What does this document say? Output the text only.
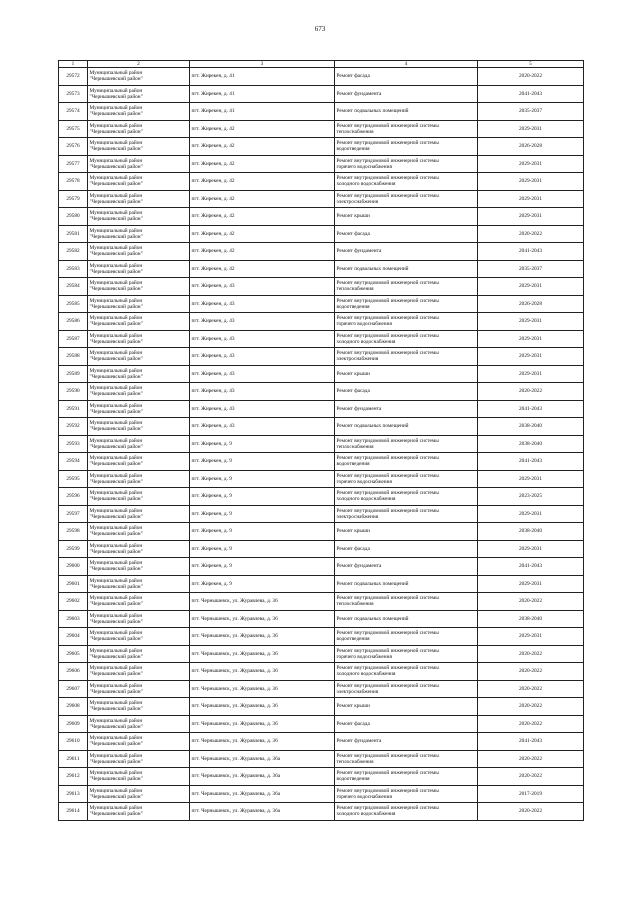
673
1	2	3	4	5
29572	Муниципальный район
"Чернышевский район"	пгт. Жирекен, д. 41	Ремонт фасада	2020-2022
29573	Муниципальный район
"Чернышевский район"	пгт. Жирекен, д. 41	Ремонт фундамента	2041-2043
29574	Муниципальный район
"Чернышевский район"	пгт. Жирекен, д. 41	Ремонт подвальных помещений	2035-2037
29575	Муниципальный район
"Чернышевский район"	пгт. Жирекен, д. 42	Ремонт внутридомовой инженерной системы
теплоснабжения	2029-2031
29576	Муниципальный район
"Чернышевский район"	пгт. Жирекен, д. 42	Ремонт внутридомовой инженерной системы
водоотведения	2026-2028
29577	Муниципальный район
"Чернышевский район"	пгт. Жирекен, д. 42	Ремонт внутридомовой инженерной системы
горячего водоснабжения	2029-2031
29578	Муниципальный район
"Чернышевский район"	пгт. Жирекен, д. 42	Ремонт внутридомовой инженерной системы
холодного водоснабжения	2029-2031
29579	Муниципальный район
"Чернышевский район"	пгт. Жирекен, д. 42	Ремонт внутридомовой инженерной системы
электроснабжения	2029-2031
29580	Муниципальный район
"Чернышевский район"	пгт. Жирекен, д. 42	Ремонт крыши	2029-2031
29581	Муниципальный район
"Чернышевский район"	пгт. Жирекен, д. 42	Ремонт фасада	2020-2022
29582	Муниципальный район
"Чернышевский район"	пгт. Жирекен, д. 42	Ремонт фундамента	2041-2043
29583	Муниципальный район
"Чернышевский район"	пгт. Жирекен, д. 42	Ремонт подвальных помещений	2035-2037
29584	Муниципальный район
"Чернышевский район"	пгт. Жирекен, д. 43	Ремонт внутридомовой инженерной системы
теплоснабжения	2029-2031
29585	Муниципальный район
"Чернышевский район"	пгт. Жирекен, д. 43	Ремонт внутридомовой инженерной системы
водоотведения	2026-2028
29586	Муниципальный район
"Чернышевский район"	пгт. Жирекен, д. 43	Ремонт внутридомовой инженерной системы
горячего водоснабжения	2029-2031
29587	Муниципальный район
"Чернышевский район"	пгт. Жирекен, д. 43	Ремонт внутридомовой инженерной системы
холодного водоснабжения	2029-2031
29588	Муниципальный район
"Чернышевский район"	пгт. Жирекен, д. 43	Ремонт внутридомовой инженерной системы
электроснабжения	2029-2031
29589	Муниципальный район
"Чернышевский район"	пгт. Жирекен, д. 43	Ремонт крыши	2029-2031
29590	Муниципальный район
"Чернышевский район"	пгт. Жирекен, д. 43	Ремонт фасада	2020-2022
29591	Муниципальный район
"Чернышевский район"	пгт. Жирекен, д. 43	Ремонт фундамента	2041-2043
29592	Муниципальный район
"Чернышевский район"	пгт. Жирекен, д. 43	Ремонт подвальных помещений	2038-2040
29593	Муниципальный район
"Чернышевский район"	пгт. Жирекен, д. 9	Ремонт внутридомовой инженерной системы
теплоснабжения	2038-2040
29594	Муниципальный район
"Чернышевский район"	пгт. Жирекен, д. 9	Ремонт внутридомовой инженерной системы
водоотведения	2041-2043
29595	Муниципальный район
"Чернышевский район"	пгт. Жирекен, д. 9	Ремонт внутридомовой инженерной системы
горячего водоснабжения	2029-2031
29596	Муниципальный район
"Чернышевский район"	пгт. Жирекен, д. 9	Ремонт внутридомовой инженерной системы
холодного водоснабжения	2023-2025
29597	Муниципальный район
"Чернышевский район"	пгт. Жирекен, д. 9	Ремонт внутридомовой инженерной системы
электроснабжения	2029-2031
29598	Муниципальный район
"Чернышевский район"	пгт. Жирекен, д. 9	Ремонт крыши	2038-2040
29599	Муниципальный район
"Чернышевский район"	пгт. Жирекен, д. 9	Ремонт фасада	2029-2031
29600	Муниципальный район
"Чернышевский район"	пгт. Жирекен, д. 9	Ремонт фундамента	2041-2043
29601	Муниципальный район
"Чернышевский район"	пгт. Жирекен, д. 9	Ремонт подвальных помещений	2029-2031
29602	Муниципальный район
"Чернышевский район"	пгт. Чернышевск, ул. Журавлева, д. 36	Ремонт внутридомовой инженерной системы
теплоснабжения	2020-2022
29603	Муниципальный район
"Чернышевский район"	пгт. Чернышевск, ул. Журавлева, д. 36	Ремонт подвальных помещений	2038-2040
29604	Муниципальный район
"Чернышевский район"	пгт. Чернышевск, ул. Журавлева, д. 36	Ремонт внутридомовой инженерной системы
водоотведения	2029-2031
29605	Муниципальный район
"Чернышевский район"	пгт. Чернышевск, ул. Журавлева, д. 36	Ремонт внутридомовой инженерной системы
горячего водоснабжения	2020-2022
29606	Муниципальный район
"Чернышевский район"	пгт. Чернышевск, ул. Журавлева, д. 36	Ремонт внутридомовой инженерной системы
холодного водоснабжения	2020-2022
29607	Муниципальный район
"Чернышевский район"	пгт. Чернышевск, ул. Журавлева, д. 36	Ремонт внутридомовой инженерной системы
электроснабжения	2020-2022
29608	Муниципальный район
"Чернышевский район"	пгт. Чернышевск, ул. Журавлева, д. 36	Ремонт крыши	2020-2022
29609	Муниципальный район
"Чернышевский район"	пгт. Чернышевск, ул. Журавлева, д. 36	Ремонт фасада	2020-2022
29610	Муниципальный район
"Чернышевский район"	пгт. Чернышевск, ул. Журавлева, д. 36	Ремонт фундамента	2041-2043
29611	Муниципальный район
"Чернышевский район"	пгт. Чернышевск, ул. Журавлева, д. 36а	Ремонт внутридомовой инженерной системы
теплоснабжения	2020-2022
29612	Муниципальный район
"Чернышевский район"	пгт. Чернышевск, ул. Журавлева, д. 36а	Ремонт внутридомовой инженерной системы
водоотведения	2020-2022
29613	Муниципальный район
"Чернышевский район"	пгт. Чернышевск, ул. Журавлева, д. 36а	Ремонт внутридомовой инженерной системы
горячего водоснабжения	2017-2019
29614	Муниципальный район
"Чернышевский район"	пгт. Чернышевск, ул. Журавлева, д. 36а	Ремонт внутридомовой инженерной системы
холодного водоснабжения	2020-2022
